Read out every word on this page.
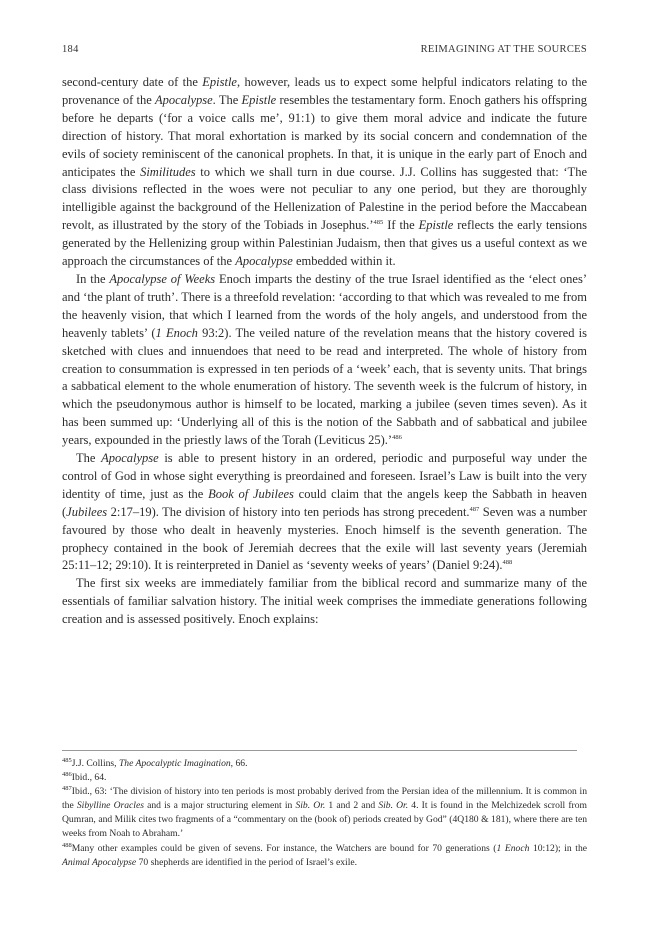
184	REIMAGINING AT THE SOURCES

second-century date of the Epistle, however, leads us to expect some helpful indicators relating to the provenance of the Apocalypse. The Epistle resembles the testamentary form. Enoch gathers his offspring before he departs (‘for a voice calls me’, 91:1) to give them moral advice and indicate the future direction of history. That moral exhortation is marked by its social concern and condemnation of the evils of society reminiscent of the canonical prophets. In that, it is unique in the early part of Enoch and anticipates the Similitudes to which we shall turn in due course. J.J. Collins has suggested that: ‘The class divisions reflected in the woes were not peculiar to any one period, but they are thoroughly intelligible against the background of the Hellenization of Palestine in the period before the Maccabean revolt, as illustrated by the story of the Tobiads in Josephus.’$^{485}$ If the Epistle reflects the early tensions generated by the Hellenizing group within Palestinian Judaism, then that gives us a useful context as we approach the circumstances of the Apocalypse embedded within it.

In the Apocalypse of Weeks Enoch imparts the destiny of the true Israel identified as the ‘elect ones’ and ‘the plant of truth’. There is a threefold revelation: ‘according to that which was revealed to me from the heavenly vision, that which I learned from the words of the holy angels, and understood from the heavenly tablets’ (1 Enoch 93:2). The veiled nature of the revelation means that the history covered is sketched with clues and innuendoes that need to be read and interpreted. The whole of history from creation to consummation is expressed in ten periods of a ‘week’ each, that is seventy units. That brings a sabbatical element to the whole enumeration of history. The seventh week is the fulcrum of history, in which the pseudonymous author is himself to be located, marking a jubilee (seven times seven). As it has been summed up: ‘Underlying all of this is the notion of the Sabbath and of sabbatical and jubilee years, expounded in the priestly laws of the Torah (Leviticus 25).’$^{486}$

The Apocalypse is able to present history in an ordered, periodic and purposeful way under the control of God in whose sight everything is preordained and foreseen. Israel’s Law is built into the very identity of time, just as the Book of Jubilees could claim that the angels keep the Sabbath in heaven (Jubilees 2:17–19). The division of history into ten periods has strong precedent.$^{487}$ Seven was a number favoured by those who dealt in heavenly mysteries. Enoch himself is the seventh generation. The prophecy contained in the book of Jeremiah decrees that the exile will last seventy years (Jeremiah 25:11–12; 29:10). It is reinterpreted in Daniel as ‘seventy weeks of years’ (Daniel 9:24).$^{488}$

The first six weeks are immediately familiar from the biblical record and summarize many of the essentials of familiar salvation history. The initial week comprises the immediate generations following creation and is assessed positively. Enoch explains:

$^{485}$J.J. Collins, The Apocalyptic Imagination, 66.

$^{486}$Ibid., 64.

$^{487}$Ibid., 63: ‘The division of history into ten periods is most probably derived from the Persian idea of the millennium. It is common in the Sibylline Oracles and is a major structuring element in Sib. Or. 1 and 2 and Sib. Or. 4. It is found in the Melchizedek scroll from Qumran, and Milik cites two fragments of a “commentary on the (book of) periods created by God” (4Q180 & 181), where there are ten weeks from Noah to Abraham.’

$^{488}$Many other examples could be given of sevens. For instance, the Watchers are bound for 70 generations (1 Enoch 10:12); in the Animal Apocalypse 70 shepherds are identified in the period of Israel’s exile.
